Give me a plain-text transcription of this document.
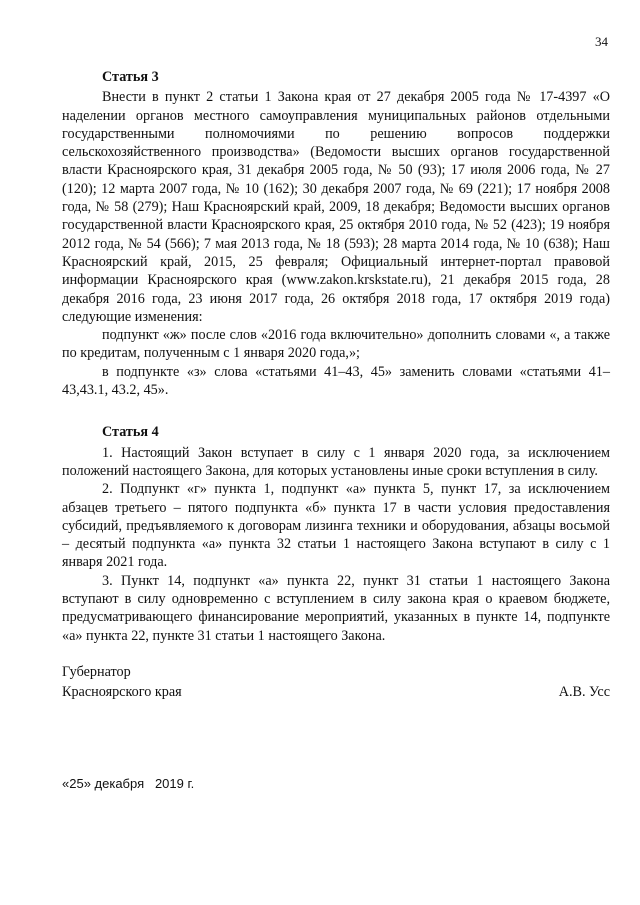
34
Статья 3

Внести в пункт 2 статьи 1 Закона края от 27 декабря 2005 года № 17-4397 «О наделении органов местного самоуправления муниципальных районов отдельными государственными полномочиями по решению вопросов поддержки сельскохозяйственного производства» (Ведомости высших органов государственной власти Красноярского края, 31 декабря 2005 года, № 50 (93); 17 июля 2006 года, № 27 (120); 12 марта 2007 года, № 10 (162); 30 декабря 2007 года, № 69 (221); 17 ноября 2008 года, № 58 (279); Наш Красноярский край, 2009, 18 декабря; Ведомости высших органов государственной власти Красноярского края, 25 октября 2010 года, № 52 (423); 19 ноября 2012 года, № 54 (566); 7 мая 2013 года, № 18 (593); 28 марта 2014 года, № 10 (638); Наш Красноярский край, 2015, 25 февраля; Официальный интернет-портал правовой информации Красноярского края (www.zakon.krskstate.ru), 21 декабря 2015 года, 28 декабря 2016 года, 23 июня 2017 года, 26 октября 2018 года, 17 октября 2019 года) следующие изменения:

подпункт «ж» после слов «2016 года включительно» дополнить словами «, а также по кредитам, полученным с 1 января 2020 года,»;

в подпункте «з» слова «статьями 41–43, 45» заменить словами «статьями 41–43,43.1, 43.2, 45».

Статья 4

1. Настоящий Закон вступает в силу с 1 января 2020 года, за исключением положений настоящего Закона, для которых установлены иные сроки вступления в силу.

2. Подпункт «г» пункта 1, подпункт «а» пункта 5, пункт 17, за исключением абзацев третьего – пятого подпункта «б» пункта 17 в части условия предоставления субсидий, предъявляемого к договорам лизинга техники и оборудования, абзацы восьмой – десятый подпункта «а» пункта 32 статьи 1 настоящего Закона вступают в силу с 1 января 2021 года.

3. Пункт 14, подпункт «а» пункта 22, пункт 31 статьи 1 настоящего Закона вступают в силу одновременно с вступлением в силу закона края о краевом бюджете, предусматривающего финансирование мероприятий, указанных в пункте 14, подпункте «а» пункта 22, пункте 31 статьи 1 настоящего Закона.

Губернатор
Красноярского края	А.В. Усс
«25» декабря   2019 г.
